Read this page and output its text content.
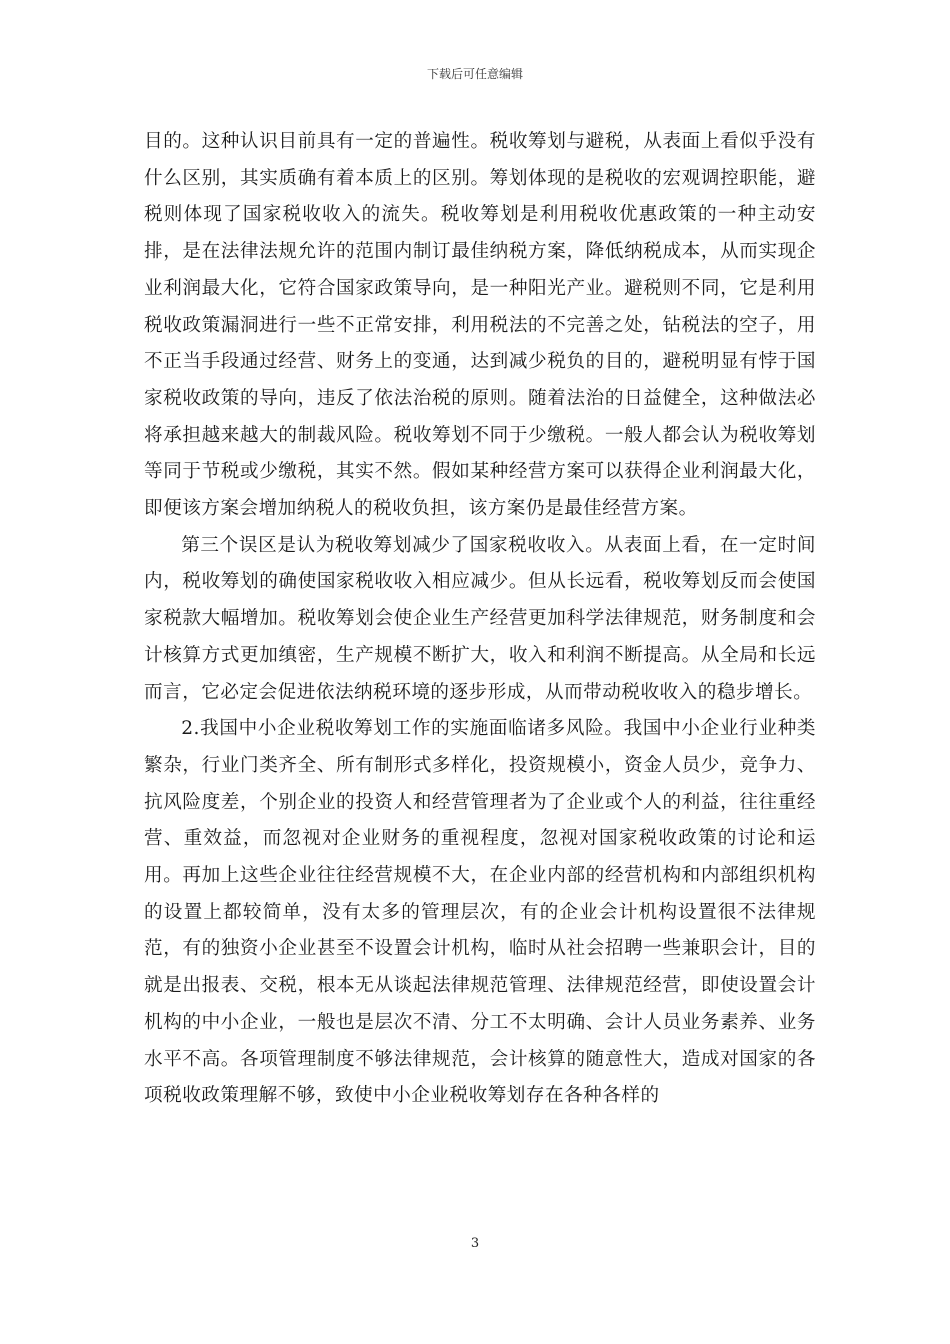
下载后可任意编辑

目的。这种认识目前具有一定的普遍性。税收筹划与避税，从表面上看似乎没有什么区别，其实质确有着本质上的区别。筹划体现的是税收的宏观调控职能，避税则体现了国家税收收入的流失。税收筹划是利用税收优惠政策的一种主动安排，是在法律法规允许的范围内制订最佳纳税方案，降低纳税成本，从而实现企业利润最大化，它符合国家政策导向，是一种阳光产业。避税则不同，它是利用税收政策漏洞进行一些不正常安排，利用税法的不完善之处，钻税法的空子，用不正当手段通过经营、财务上的变通，达到减少税负的目的，避税明显有悖于国家税收政策的导向，违反了依法治税的原则。随着法治的日益健全，这种做法必将承担越来越大的制裁风险。税收筹划不同于少缴税。一般人都会认为税收筹划等同于节税或少缴税，其实不然。假如某种经营方案可以获得企业利润最大化，即便该方案会增加纳税人的税收负担，该方案仍是最佳经营方案。

第三个误区是认为税收筹划减少了国家税收收入。从表面上看，在一定时间内，税收筹划的确使国家税收收入相应减少。但从长远看，税收筹划反而会使国家税款大幅增加。税收筹划会使企业生产经营更加科学法律规范，财务制度和会计核算方式更加缜密，生产规模不断扩大，收入和利润不断提高。从全局和长远而言，它必定会促进依法纳税环境的逐步形成，从而带动税收收入的稳步增长。

2.我国中小企业税收筹划工作的实施面临诸多风险。我国中小企业行业种类繁杂，行业门类齐全、所有制形式多样化，投资规模小，资金人员少，竞争力、抗风险度差，个别企业的投资人和经营管理者为了企业或个人的利益，往往重经营、重效益，而忽视对企业财务的重视程度，忽视对国家税收政策的讨论和运用。再加上这些企业往往经营规模不大，在企业内部的经营机构和内部组织机构的设置上都较简单，没有太多的管理层次，有的企业会计机构设置很不法律规范，有的独资小企业甚至不设置会计机构，临时从社会招聘一些兼职会计，目的就是出报表、交税，根本无从谈起法律规范管理、法律规范经营，即使设置会计机构的中小企业，一般也是层次不清、分工不太明确、会计人员业务素养、业务水平不高。各项管理制度不够法律规范，会计核算的随意性大，造成对国家的各项税收政策理解不够，致使中小企业税收筹划存在各种各样的

3
